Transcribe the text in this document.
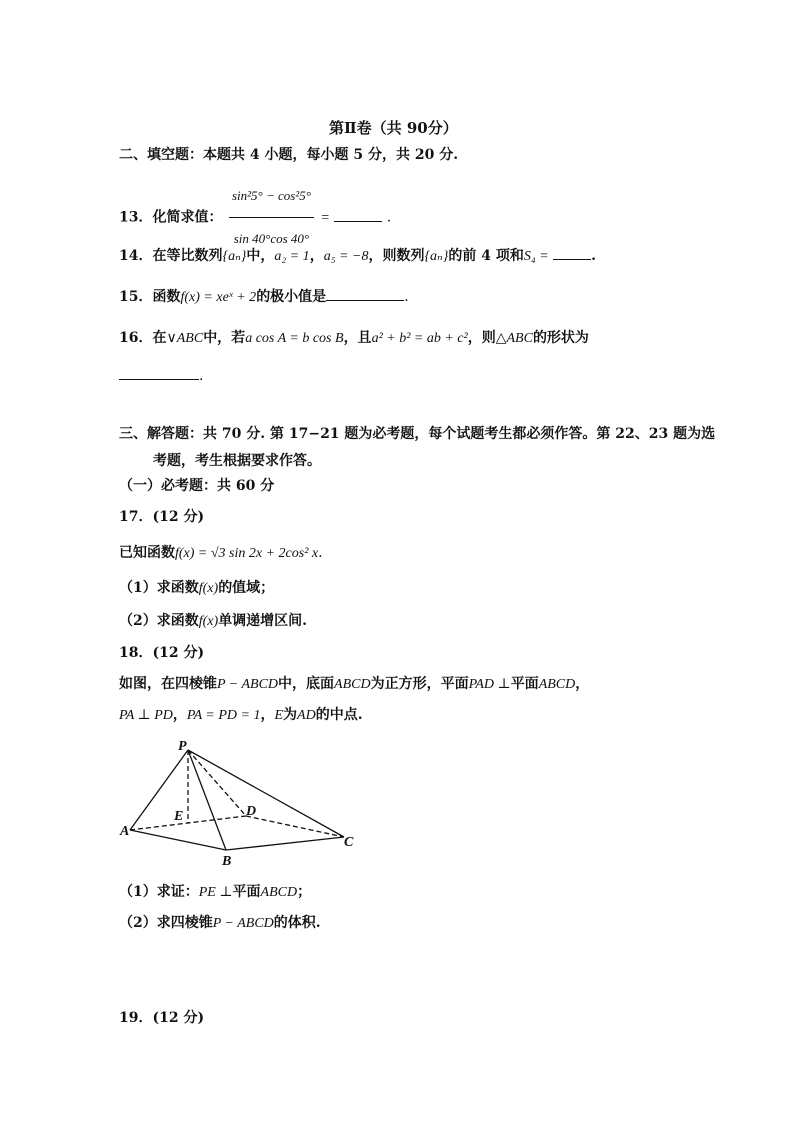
第Ⅱ卷（共 90分）
二、填空题：本题共 4 小题，每小题 5 分，共 20 分.
13．化简求值： $\frac{\text{sin²5° − cos²5°}}{\sin 40^\circ\cos 40^\circ}$ =	.
14．在等比数列{aₙ}中，a₂ = 1，a₅ = −8，则数列{aₙ}的前 4 项和S₄ =	.
15．函数f(x) = xeˣ + 2的极小值是	.
16．在∨ABC中，若a cos A = b cos B，且a² + b² = ab + c²，则△ABC的形状为
.
三、解答题：共 70 分. 第 17−21 题为必考题，每个试题考生都必须作答。第 22、23 题为选
考题，考生根据要求作答。
（一）必考题：共 60 分
17．(12 分)
已知函数f(x) = √3 sin 2x + 2cos² x.
（1）求函数f(x)的值域；
（2）求函数f(x)单调递增区间.
18．(12 分)
如图，在四棱锥P − ABCD中，底面ABCD为正方形，平面PAD ⊥平面ABCD，
PA ⊥ PD，PA = PD = 1，E为AD的中点.
P
A
B
C
D
E
（1）求证：PE ⊥平面ABCD；
（2）求四棱锥P − ABCD的体积.
19．(12 分)
